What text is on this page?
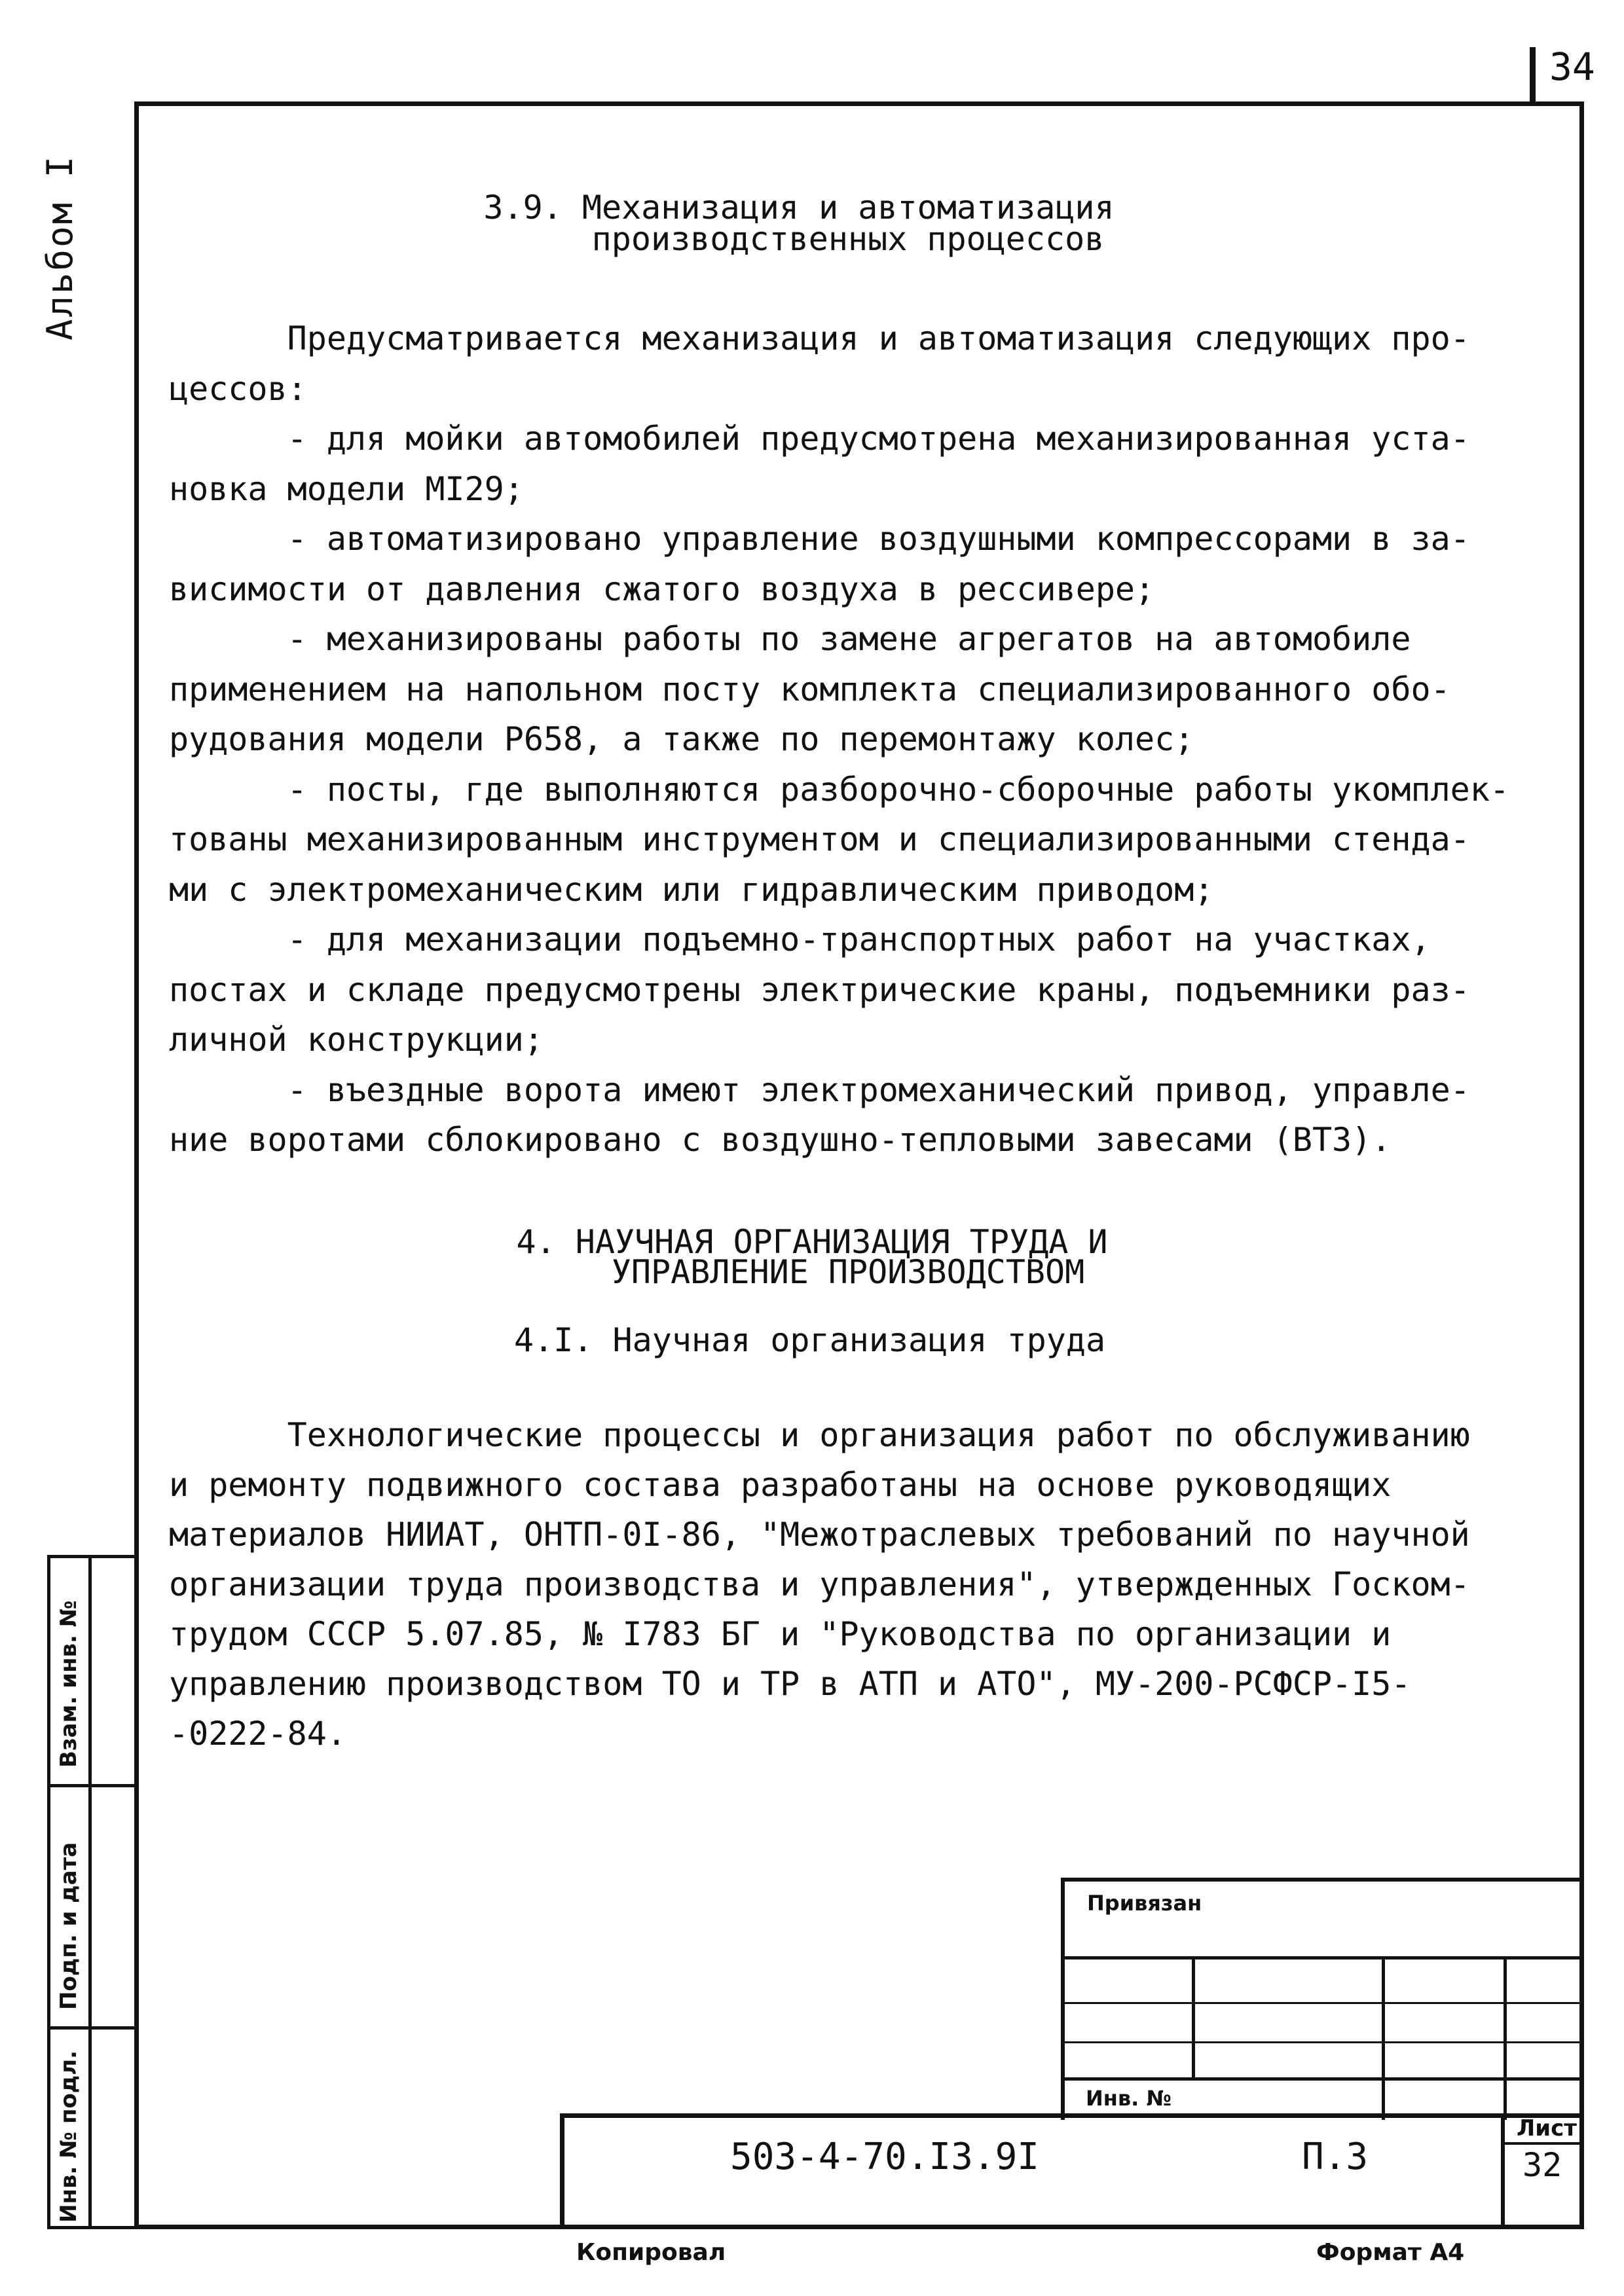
34
Альбом I
Взам. инв. №
Подп. и дата
Инв. № подл.
3.9. Механизация и автоматизация
производственных процессов
Предусматривается механизация и автоматизация следующих про-
цессов:
- для мойки автомобилей предусмотрена механизированная уста-
новка модели МI29;
- автоматизировано управление воздушными компрессорами в за-
висимости от давления сжатого воздуха в рессивере;
- механизированы работы по замене агрегатов на автомобиле
применением на напольном посту комплекта специализированного обо-
рудования модели Р658, а также по перемонтажу колес;
- посты, где выполняются разборочно-сборочные работы укомплек-
тованы механизированным инструментом и специализированными стенда-
ми с электромеханическим или гидравлическим приводом;
- для механизации подъемно-транспортных работ на участках,
постах и складе предусмотрены электрические краны, подъемники раз-
личной конструкции;
- въездные ворота имеют электромеханический привод, управле-
ние воротами сблокировано с воздушно-тепловыми завесами (ВТЗ).
4. НАУЧНАЯ ОРГАНИЗАЦИЯ ТРУДА И
УПРАВЛЕНИЕ ПРОИЗВОДСТВОМ
4.I. Научная организация труда
Технологические процессы и организация работ по обслуживанию
и ремонту подвижного состава разработаны на основе руководящих
материалов НИИАТ, ОНТП-0I-86, "Межотраслевых требований по научной
организации труда производства и управления", утвержденных Госком-
трудом СССР 5.07.85, № I783 БГ и "Руководства по организации и
управлению производством ТО и ТР в АТП и АТО", МУ-200-РСФСР-I5-
-0222-84.
Привязан
Инв. №
503-4-70.I3.9I	П.3
Лист
32
Копировал	Формат А4
